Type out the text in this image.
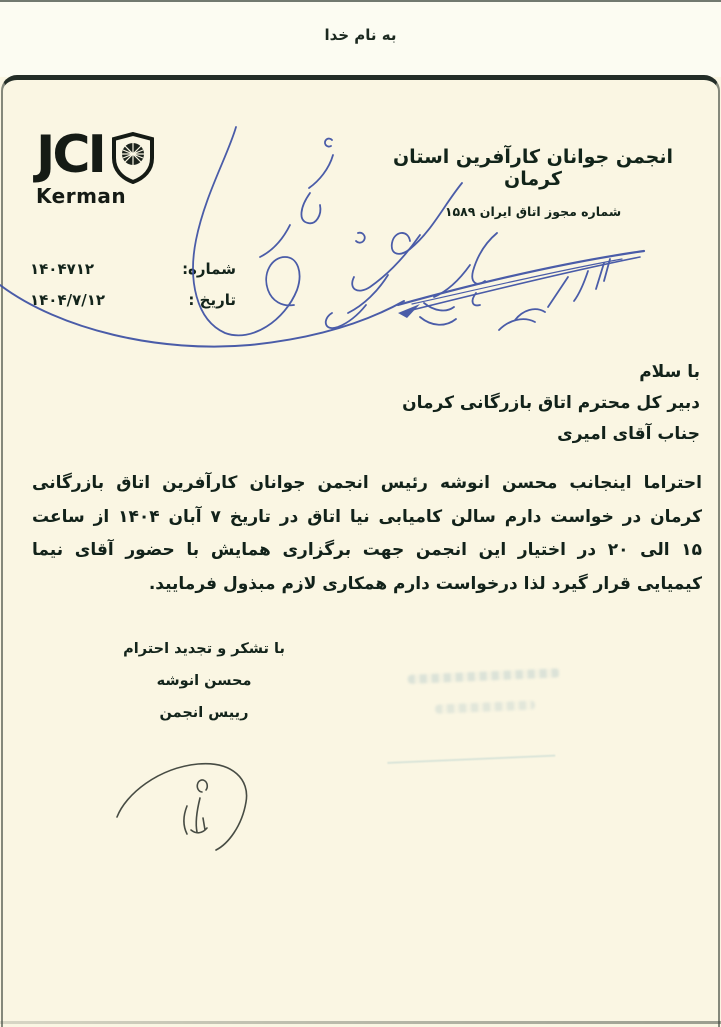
به نام خدا
JCI
Kerman
انجمن جوانان کارآفرین استان کرمان
شماره مجوز اتاق ایران ۱۵۸۹
شماره:
۱۴۰۴۷۱۲
تاریخ :
۱۴۰۴/۷/۱۲
با سلام
دبیر کل محترم اتاق بازرگانی کرمان
جناب آقای امیری
احتراما اینجانب محسن انوشه رئیس انجمن جوانان کارآفرین اتاق بازرگانی
کرمان در خواست دارم سالن کامیابی نیا اتاق در تاریخ ۷ آبان ۱۴۰۴ از ساعت
۱۵ الی ۲۰ در اختیار این انجمن جهت برگزاری همایش با حضور آقای نیما
کیمیایی قرار گیرد لذا درخواست دارم همکاری لازم مبذول فرمایید.
با تشکر و تجدید احترام
محسن انوشه
رییس انجمن
